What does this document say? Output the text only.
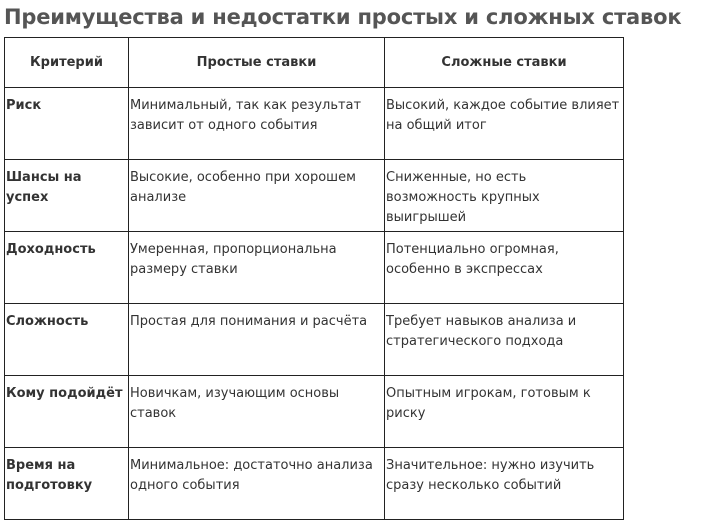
Преимущества и недостатки простых и сложных ставок
Критерий	Простые ставки	Сложные ставки
Риск	Минимальный, так как результат зависит от одного события	Высокий, каждое событие влияет на общий итог
Шансы на успех	Высокие, особенно при хорошем анализе	Сниженные, но есть возможность крупных выигрышей
Доходность	Умеренная, пропорциональна размеру ставки	Потенциально огромная, особенно в экспрессах
Сложность	Простая для понимания и расчёта	Требует навыков анализа и стратегического подхода
Кому подойдёт	Новичкам, изучающим основы ставок	Опытным игрокам, готовым к риску
Время на подготовку	Минимальное: достаточно анализа одного события	Значительное: нужно изучить сразу несколько событий
